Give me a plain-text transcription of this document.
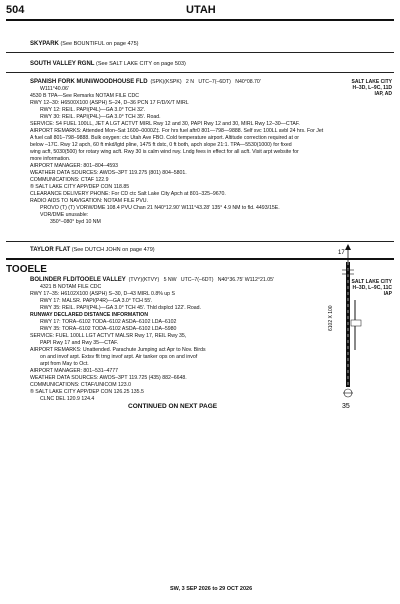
504	UTAH
SKYPARK (See BOUNTIFUL on page 475)
SOUTH VALLEY RGNL (See SALT LAKE CITY on page 503)
SPANISH FORK MUNI/WOODHOUSE FLD (SPK)(KSPK) 2 N UTC–7(–6DT) N40°08.70′
W111°40.06′
4530 B TPA—See Remarks NOTAM FILE CDC
RWY 12–30: H6500X100 (ASPH) S–24, D–36 PCN 17 F/D/X/T MIRL
RWY 12: REIL. PAPI(P4L)—GA 3.0° TCH 32′.
RWY 30: REIL. PAPI(P4L)—GA 3.0° TCH 35′. Road.
SERVICE: S4 FUEL 100LL, JET A LGT ACTVT MIRL Rwy 12 and 30, PAPI Rwy 12 and 30, MIRL Rwy 12–30—CTAF.
AIRPORT REMARKS: Attended Mon–Sat 1600–0000Z‡. For hrs fuel aftr0 801—798—9888. Self svc 100LL avbl 24 hrs. For Jet
A fuel call 801–798–9888. Bulk oxygen: ctc Utah Ave FBO. Cold temperature airport. Altitude correction required at or
below –17C. Rwy 12 apch, 60 ft mkd/lgtd pline, 1475 ft dstc, 0 ft both, apch slope 21:1. TPA—5530(1000) for fixed
wing acft, 5030(500) for rotary wing acft. Rwy 30 is calm wind rwy. Lndg fees in effect for all acft. Visit arpt website for
more information.
AIRPORT MANAGER: 801–804–4593
WEATHER DATA SOURCES: AWOS–3PT 119.275 (801) 804–5801.
COMMUNICATIONS: CTAF 122.9
® SALT LAKE CITY APP/DEP CON 118.85
CLEARANCE DELIVERY PHONE: For CD ctc Salt Lake City Apch at 801–325–9670.
RADIO AIDS TO NAVIGATION: NOTAM FILE PVU.
PROVO (T) (T) VORW/DME 108.4 PVU Chan 21 N40°12.90′ W111°43.28′ 135° 4.9 NM to fld. 4493/15E.
VOR/DME unusable:
350°–080° byd 10 NM
SALT LAKE CITY
H–3D, L–9C, 11D
IAP, AD
TAYLOR FLAT (See DUTCH JOHN on page 479)
TOOELE
BOLINDER FLD/TOOELE VALLEY (TVY)(KTVY) 5 NW UTC–7(–6DT) N40°36.75′ W112°21.05′
4321 B NOTAM FILE CDC
RWY 17–35: H6102X100 (ASPH) S–30, D–43 MIRL 0.8% up S
RWY 17: MALSR. PAPI(P4R)—GA 3.0° TCH 55′.
RWY 35: REIL. PAPI(P4L)—GA 3.0° TCH 45′. Thld dsplcd 122′. Road.
RUNWAY DECLARED DISTANCE INFORMATION
RWY 17: TORA–6102 TODA–6102 ASDA–6102 LDA–6102
RWY 35: TORA–6102 TODA–6102 ASDA–6102 LDA–5980
SERVICE: FUEL 100LL LGT ACTVT MALSR Rwy 17, REIL Rwy 35,
PAPI Rwy 17 and Rwy 35—CTAF.
AIRPORT REMARKS: Unattended. Parachute Jumping act Apr to Nov. Birds
on and invof arpt. Extsv flt trng invof arpt. Air tanker ops on and invof
arpt from May to Oct.
AIRPORT MANAGER: 801–531–4777
WEATHER DATA SOURCES: AWOS–3PT 119.725 (435) 882–6648.
COMMUNICATIONS: CTAF/UNICOM 123.0
® SALT LAKE CITY APP/DEP CON 126.25 135.5
CLNC DEL 120.9 124.4
SALT LAKE CITY
H–3D, L–9C, 11C
IAP
17
6102 X 100
35
CONTINUED ON NEXT PAGE
SW, 3 SEP 2026 to 29 OCT 2026
